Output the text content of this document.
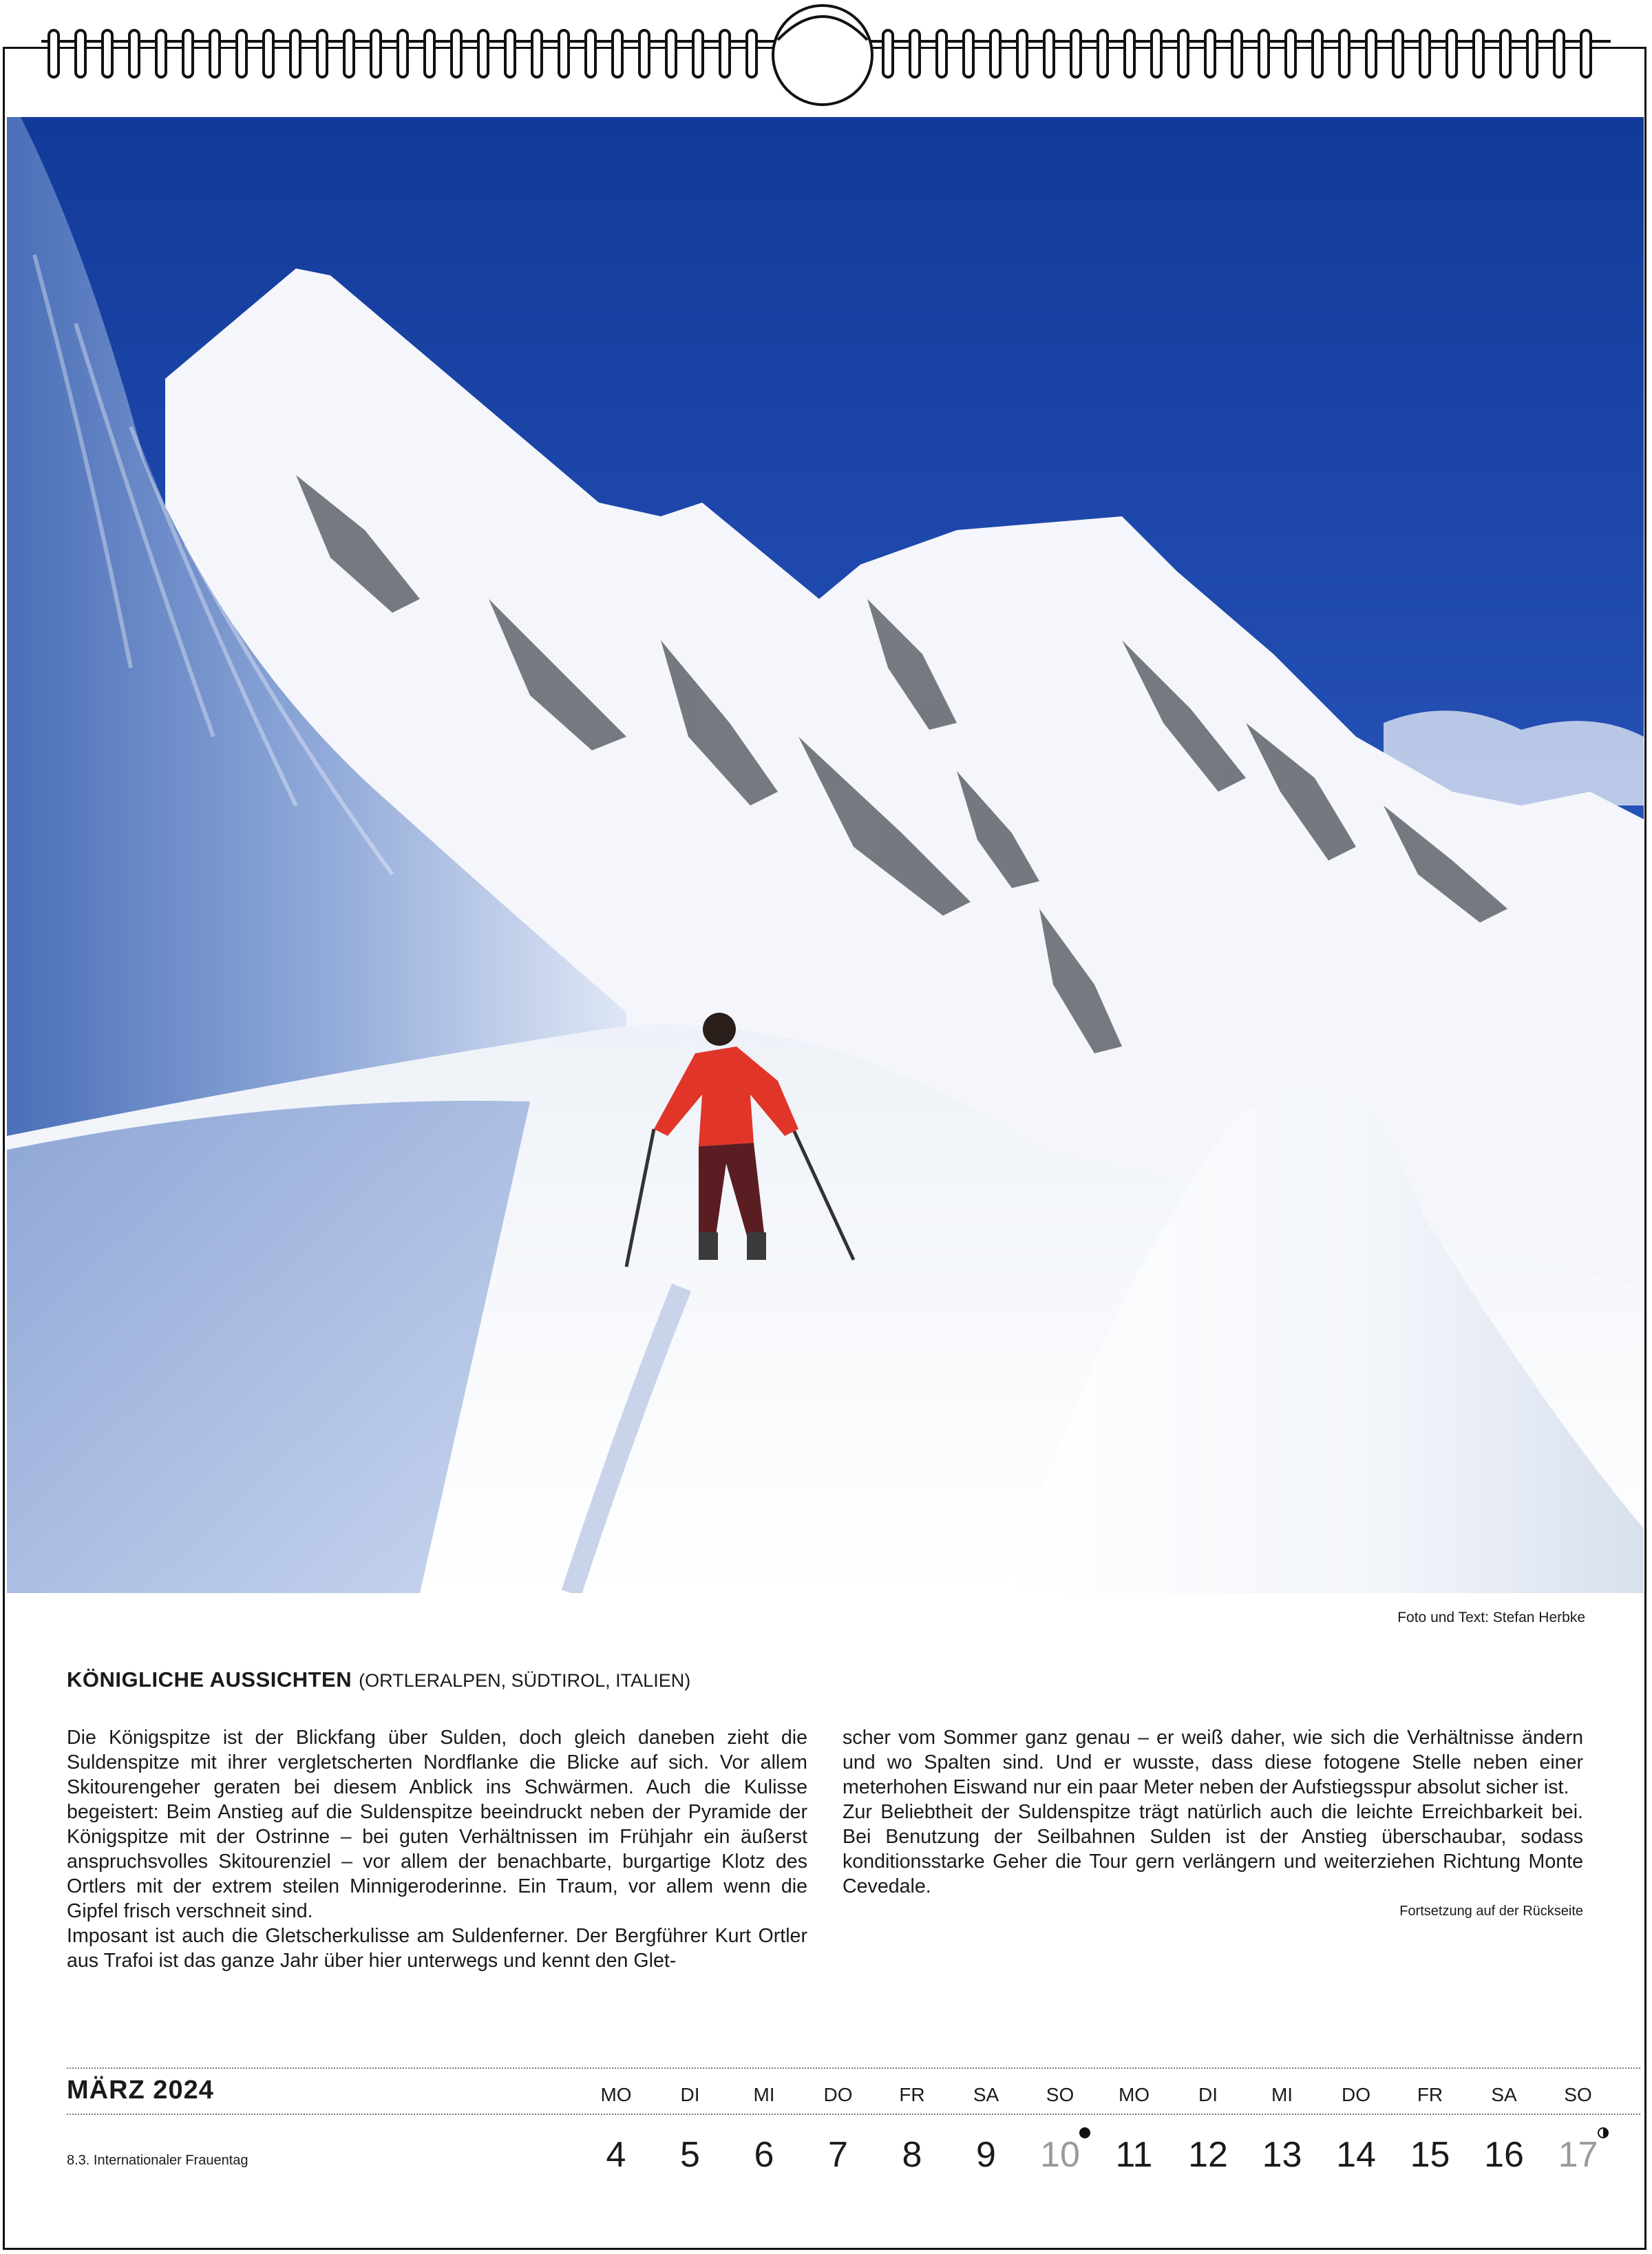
Foto und Text: Stefan Herbke
KÖNIGLICHE AUSSICHTEN (ORTLERALPEN, SÜDTIROL, ITALIEN)

Die Königspitze ist der Blickfang über Sulden, doch gleich daneben zieht die Suldenspitze mit ihrer vergletscherten Nordflanke die Blicke auf sich. Vor allem Skitourengeher geraten bei diesem Anblick ins Schwärmen. Auch die Kulisse begeistert: Beim Anstieg auf die Suldenspitze beeindruckt neben der Pyramide der Königspitze mit der Ostrinne – bei guten Verhältnissen im Frühjahr ein äußerst anspruchsvolles Skitourenziel – vor allem der benachbarte, burgartige Klotz des Ortlers mit der extrem steilen Minnigeroderinne. Ein Traum, vor allem wenn die Gipfel frisch verschneit sind.

Imposant ist auch die Gletscherkulisse am Suldenferner. Der Bergführer Kurt Ortler aus Trafoi ist das ganze Jahr über hier unterwegs und kennt den Glet-

scher vom Sommer ganz genau – er weiß daher, wie sich die Verhältnisse ändern und wo Spalten sind. Und er wusste, dass diese fotogene Stelle neben einer meterhohen Eiswand nur ein paar Meter neben der Aufstiegsspur absolut sicher ist.

Zur Beliebtheit der Suldenspitze trägt natürlich auch die leichte Erreichbarkeit bei. Bei Benutzung der Seilbahnen Sulden ist der Anstieg überschaubar, sodass konditionsstarke Geher die Tour gern verlängern und weiterziehen Richtung Monte Cevedale.

Fortsetzung auf der Rückseite

MÄRZ 2024	MO
4
DI
5
MI
6
DO
7
FR
8
SA
9
SO
10
MO
11
DI
12
MI
13
DO
14
FR
15
SA
16
SO
17
8.3. Internationaler Frauentag
